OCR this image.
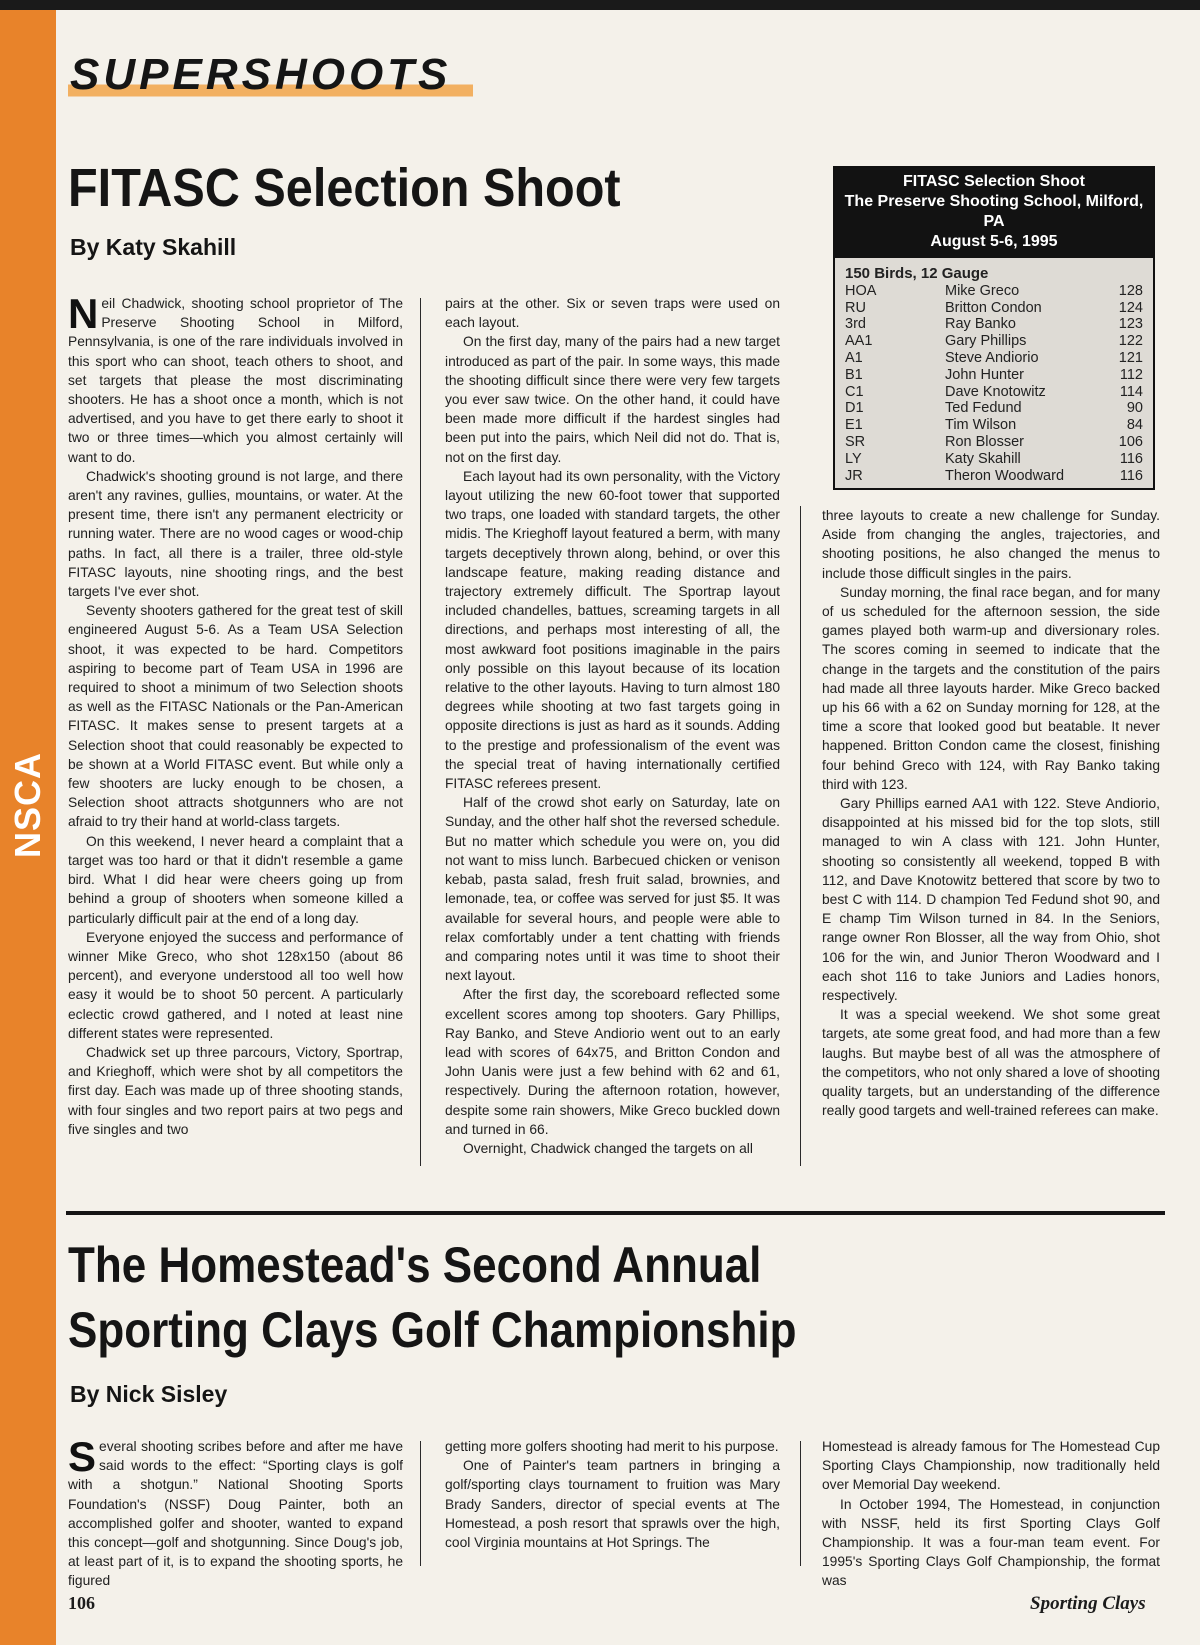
NSCA
SUPERSHOOTS
FITASC Selection Shoot

By Katy Skahill

Neil Chadwick, shooting school proprietor of The Preserve Shooting School in Milford, Pennsylvania, is one of the rare individuals involved in this sport who can shoot, teach others to shoot, and set targets that please the most discriminating shooters. He has a shoot once a month, which is not advertised, and you have to get there early to shoot it two or three times—which you almost certainly will want to do.

Chadwick's shooting ground is not large, and there aren't any ravines, gullies, mountains, or water. At the present time, there isn't any permanent electricity or running water. There are no wood cages or wood-chip paths. In fact, all there is a trailer, three old-style FITASC layouts, nine shooting rings, and the best targets I've ever shot.

Seventy shooters gathered for the great test of skill engineered August 5-6. As a Team USA Selection shoot, it was expected to be hard. Competitors aspiring to become part of Team USA in 1996 are required to shoot a minimum of two Selection shoots as well as the FITASC Nationals or the Pan-American FITASC. It makes sense to present targets at a Selection shoot that could reasonably be expected to be shown at a World FITASC event. But while only a few shooters are lucky enough to be chosen, a Selection shoot attracts shotgunners who are not afraid to try their hand at world-class targets.

On this weekend, I never heard a complaint that a target was too hard or that it didn't resemble a game bird. What I did hear were cheers going up from behind a group of shooters when someone killed a particularly difficult pair at the end of a long day.

Everyone enjoyed the success and performance of winner Mike Greco, who shot 128x150 (about 86 percent), and everyone understood all too well how easy it would be to shoot 50 percent. A particularly eclectic crowd gathered, and I noted at least nine different states were represented.

Chadwick set up three parcours, Victory, Sportrap, and Krieghoff, which were shot by all competitors the first day. Each was made up of three shooting stands, with four singles and two report pairs at two pegs and five singles and two

pairs at the other. Six or seven traps were used on each layout.

On the first day, many of the pairs had a new target introduced as part of the pair. In some ways, this made the shooting difficult since there were very few targets you ever saw twice. On the other hand, it could have been made more difficult if the hardest singles had been put into the pairs, which Neil did not do. That is, not on the first day.

Each layout had its own personality, with the Victory layout utilizing the new 60-foot tower that supported two traps, one loaded with standard targets, the other midis. The Krieghoff layout featured a berm, with many targets deceptively thrown along, behind, or over this landscape feature, making reading distance and trajectory extremely difficult. The Sportrap layout included chandelles, battues, screaming targets in all directions, and perhaps most interesting of all, the most awkward foot positions imaginable in the pairs only possible on this layout because of its location relative to the other layouts. Having to turn almost 180 degrees while shooting at two fast targets going in opposite directions is just as hard as it sounds. Adding to the prestige and professionalism of the event was the special treat of having internationally certified FITASC referees present.

Half of the crowd shot early on Saturday, late on Sunday, and the other half shot the reversed schedule. But no matter which schedule you were on, you did not want to miss lunch. Barbecued chicken or venison kebab, pasta salad, fresh fruit salad, brownies, and lemonade, tea, or coffee was served for just $5. It was available for several hours, and people were able to relax comfortably under a tent chatting with friends and comparing notes until it was time to shoot their next layout.

After the first day, the scoreboard reflected some excellent scores among top shooters. Gary Phillips, Ray Banko, and Steve Andiorio went out to an early lead with scores of 64x75, and Britton Condon and John Uanis were just a few behind with 62 and 61, respectively. During the afternoon rotation, however, despite some rain showers, Mike Greco buckled down and turned in 66.

Overnight, Chadwick changed the targets on all

FITASC Selection Shoot
The Preserve Shooting School, Milford, PA
August 5-6, 1995
150 Birds, 12 Gauge
HOA	Mike Greco	128
RU	Britton Condon	124
3rd	Ray Banko	123
AA1	Gary Phillips	122
A1	Steve Andiorio	121
B1	John Hunter	112
C1	Dave Knotowitz	114
D1	Ted Fedund	90
E1	Tim Wilson	84
SR	Ron Blosser	106
LY	Katy Skahill	116
JR	Theron Woodward	116

three layouts to create a new challenge for Sunday. Aside from changing the angles, trajectories, and shooting positions, he also changed the menus to include those difficult singles in the pairs.

Sunday morning, the final race began, and for many of us scheduled for the afternoon session, the side games played both warm-up and diversionary roles. The scores coming in seemed to indicate that the change in the targets and the constitution of the pairs had made all three layouts harder. Mike Greco backed up his 66 with a 62 on Sunday morning for 128, at the time a score that looked good but beatable. It never happened. Britton Condon came the closest, finishing four behind Greco with 124, with Ray Banko taking third with 123.

Gary Phillips earned AA1 with 122. Steve Andiorio, disappointed at his missed bid for the top slots, still managed to win A class with 121. John Hunter, shooting so consistently all weekend, topped B with 112, and Dave Knotowitz bettered that score by two to best C with 114. D champion Ted Fedund shot 90, and E champ Tim Wilson turned in 84. In the Seniors, range owner Ron Blosser, all the way from Ohio, shot 106 for the win, and Junior Theron Woodward and I each shot 116 to take Juniors and Ladies honors, respectively.

It was a special weekend. We shot some great targets, ate some great food, and had more than a few laughs. But maybe best of all was the atmosphere of the competitors, who not only shared a love of shooting quality targets, but an understanding of the difference really good targets and well-trained referees can make.

The Homestead's Second Annual
Sporting Clays Golf Championship

By Nick Sisley

Several shooting scribes before and after me have said words to the effect: “Sporting clays is golf with a shotgun.” National Shooting Sports Foundation's (NSSF) Doug Painter, both an accomplished golfer and shooter, wanted to expand this concept—golf and shotgunning. Since Doug's job, at least part of it, is to expand the shooting sports, he figured

getting more golfers shooting had merit to his purpose.

One of Painter's team partners in bringing a golf/sporting clays tournament to fruition was Mary Brady Sanders, director of special events at The Homestead, a posh resort that sprawls over the high, cool Virginia mountains at Hot Springs. The

Homestead is already famous for The Homestead Cup Sporting Clays Championship, now traditionally held over Memorial Day weekend.

In October 1994, The Homestead, in conjunction with NSSF, held its first Sporting Clays Golf Championship. It was a four-man team event. For 1995's Sporting Clays Golf Championship, the format was

106	Sporting Clays
